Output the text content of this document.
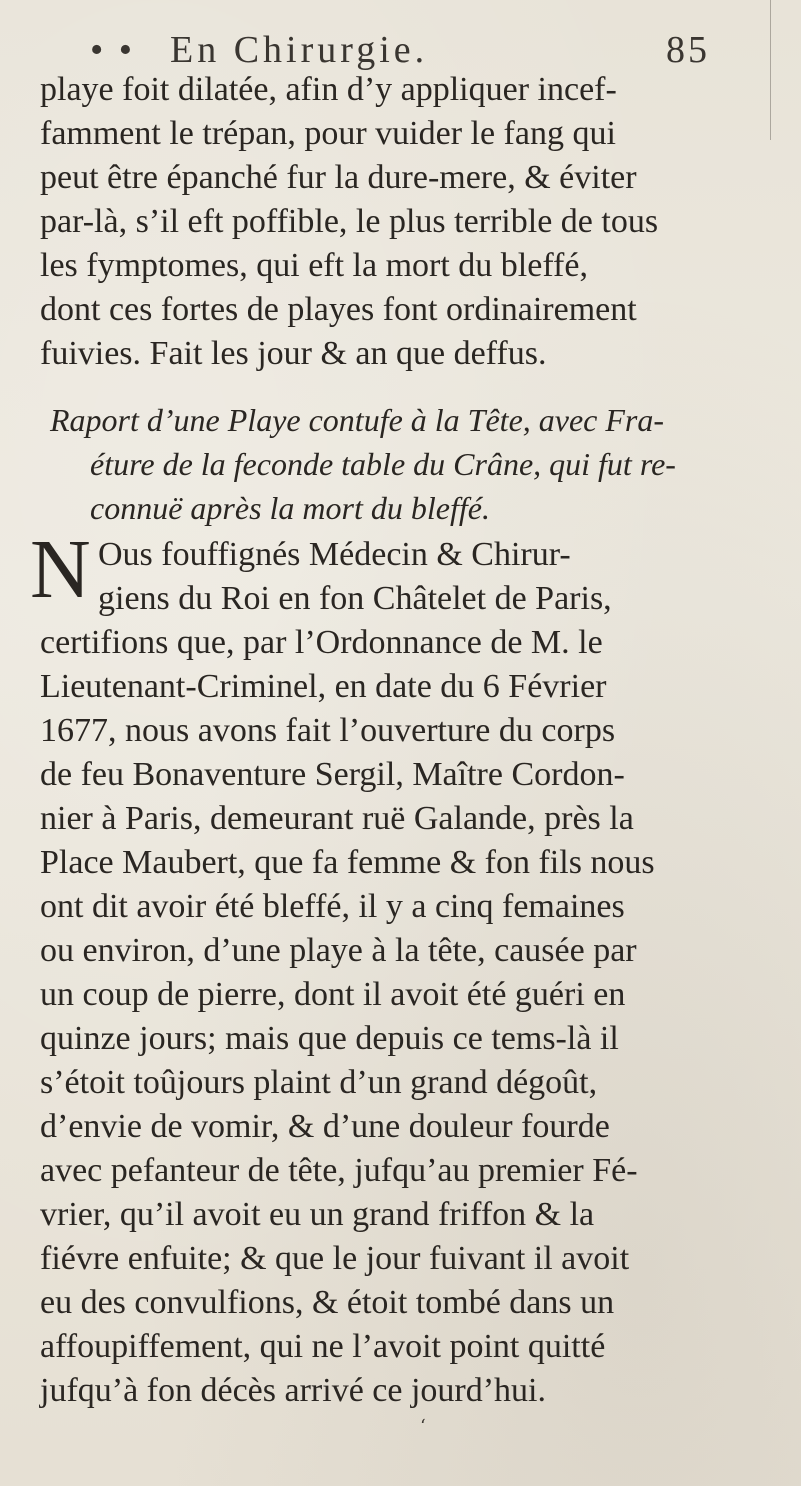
• • En Chirurgie.	85
playe foit dilatée, afin d’y appliquer incef-
famment le trépan, pour vuider le fang qui
peut être épanché fur la dure-mere, & éviter
par-là, s’il eft poffible, le plus terrible de tous
les fymptomes, qui eft la mort du bleffé,
dont ces fortes de playes font ordinairement
fuivies. Fait les jour & an que deffus.
Raport d’une Playe contufe à la Tête, avec Fra-
éture de la feconde table du Crâne, qui fut re-
connuë après la mort du bleffé.
N Ous fouffignés Médecin & Chirur-
giens du Roi en fon Châtelet de Paris,
certifions que, par l’Ordonnance de M. le
Lieutenant-Criminel, en date du 6 Février
1677, nous avons fait l’ouverture du corps
de feu Bonaventure Sergil, Maître Cordon-
nier à Paris, demeurant ruë Galande, près la
Place Maubert, que fa femme & fon fils nous
ont dit avoir été bleffé, il y a cinq femaines
ou environ, d’une playe à la tête, causée par
un coup de pierre, dont il avoit été guéri en
quinze jours; mais que depuis ce tems-là il
s’étoit toûjours plaint d’un grand dégoût,
d’envie de vomir, & d’une douleur fourde
avec pefanteur de tête, jufqu’au premier Fé-
vrier, qu’il avoit eu un grand friffon & la
fiévre enfuite; & que le jour fuivant il avoit
eu des convulfions, & étoit tombé dans un
affoupiffement, qui ne l’avoit point quitté
jufqu’à fon décès arrivé ce jourd’hui.
‘
